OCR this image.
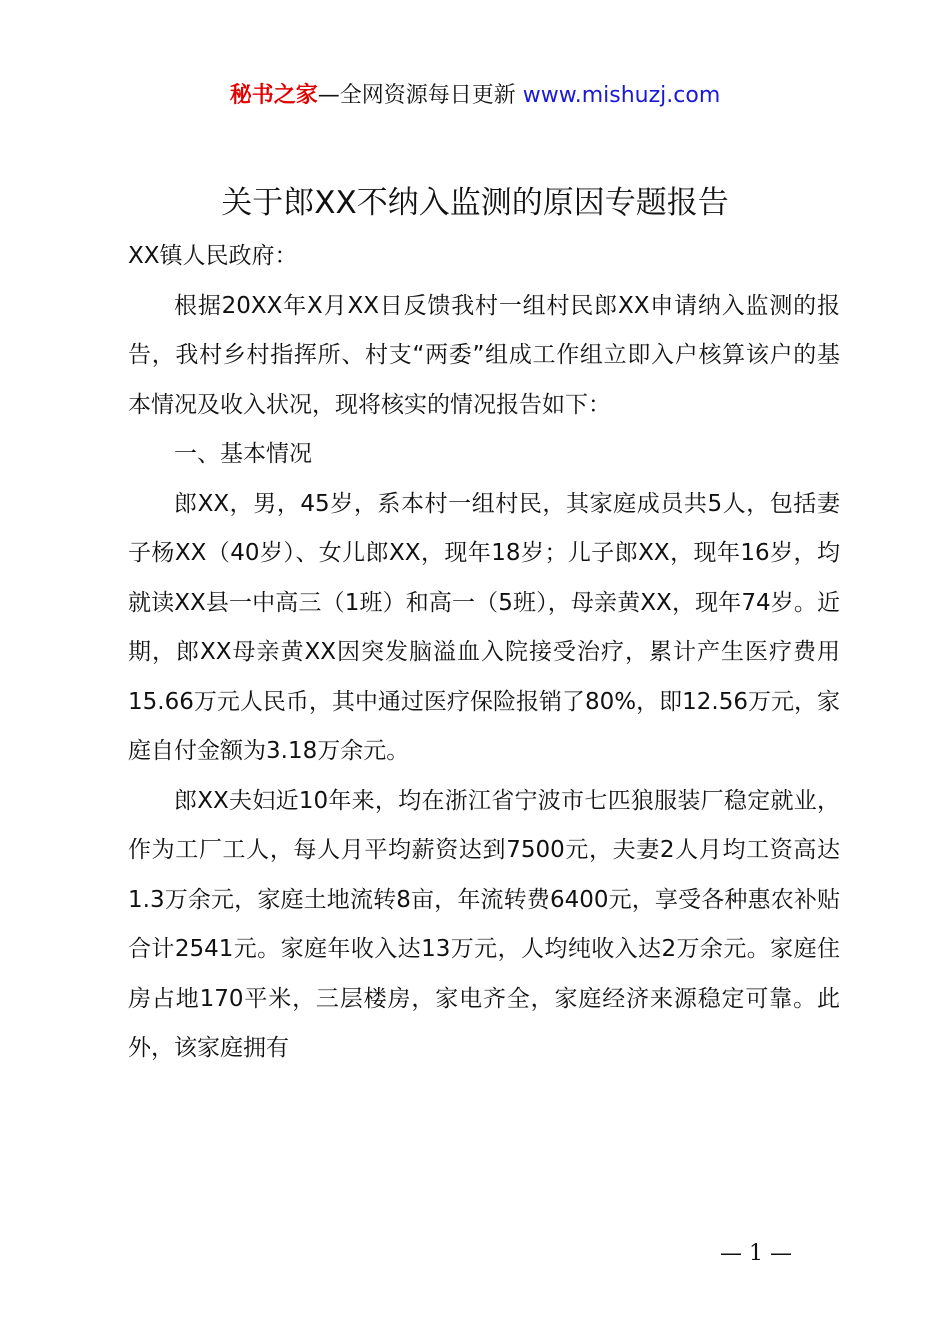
秘书之家—全网资源每日更新 www.mishuzj.com
关于郎XX不纳入监测的原因专题报告

XX镇人民政府：

根据20XX年X月XX日反馈我村一组村民郎XX申请纳入监测的报告，我村乡村指挥所、村支“两委”组成工作组立即入户核算该户的基本情况及收入状况，现将核实的情况报告如下：

一、基本情况

郎XX，男，45岁，系本村一组村民，其家庭成员共5人，包括妻子杨XX（40岁）、女儿郎XX，现年18岁；儿子郎XX，现年16岁，均就读XX县一中高三（1班）和高一（5班），母亲黄XX，现年74岁。近期，郎XX母亲黄XX因突发脑溢血入院接受治疗，累计产生医疗费用15.66万元人民币，其中通过医疗保险报销了80%，即12.56万元，家庭自付金额为3.18万余元。

郎XX夫妇近10年来，均在浙江省宁波市七匹狼服装厂稳定就业，作为工厂工人，每人月平均薪资达到7500元，夫妻2人月均工资高达1.3万余元，家庭土地流转8亩，年流转费6400元，享受各种惠农补贴合计2541元。家庭年收入达13万元，人均纯收入达2万余元。家庭住房占地170平米，三层楼房，家电齐全，家庭经济来源稳定可靠。此外，该家庭拥有

— 1 —
